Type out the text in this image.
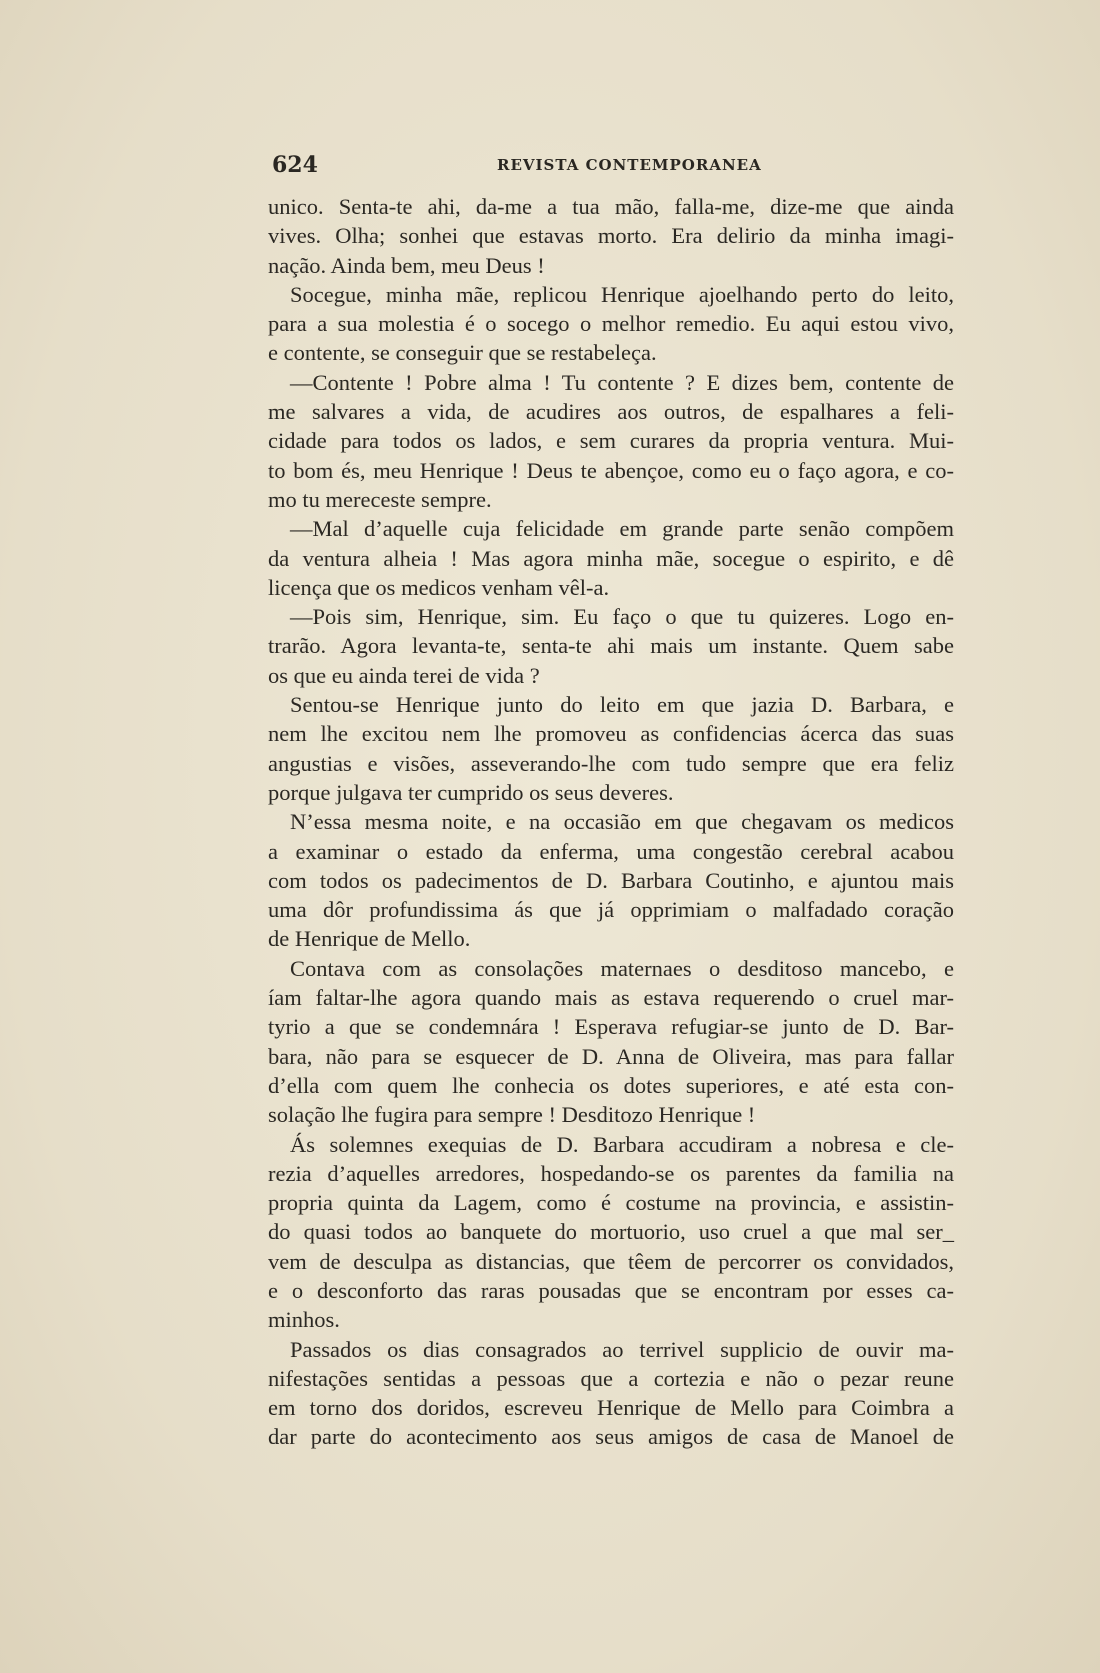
624	REVISTA CONTEMPORANEA
unico. Senta-te ahi, da-me a tua mão, falla-me, dize-me que ainda
vives. Olha; sonhei que estavas morto. Era delirio da minha imagi-
nação. Ainda bem, meu Deus !
Socegue, minha mãe, replicou Henrique ajoelhando perto do leito,
para a sua molestia é o socego o melhor remedio. Eu aqui estou vivo,
e contente, se conseguir que se restabeleça.
—Contente ! Pobre alma ! Tu contente ? E dizes bem, contente de
me salvares a vida, de acudires aos outros, de espalhares a feli-
cidade para todos os lados, e sem curares da propria ventura. Mui-
to bom és, meu Henrique ! Deus te abençoe, como eu o faço agora, e co-
mo tu mereceste sempre.
—Mal d’aquelle cuja felicidade em grande parte senão compõem
da ventura alheia ! Mas agora minha mãe, socegue o espirito, e dê
licença que os medicos venham vêl-a.
—Pois sim, Henrique, sim. Eu faço o que tu quizeres. Logo en-
trarão. Agora levanta-te, senta-te ahi mais um instante. Quem sabe
os que eu ainda terei de vida ?
Sentou-se Henrique junto do leito em que jazia D. Barbara, e
nem lhe excitou nem lhe promoveu as confidencias ácerca das suas
angustias e visões, asseverando-lhe com tudo sempre que era feliz
porque julgava ter cumprido os seus deveres.
N’essa mesma noite, e na occasião em que chegavam os medicos
a examinar o estado da enferma, uma congestão cerebral acabou
com todos os padecimentos de D. Barbara Coutinho, e ajuntou mais
uma dôr profundissima ás que já opprimiam o malfadado coração
de Henrique de Mello.
Contava com as consolações maternaes o desditoso mancebo, e
íam faltar-lhe agora quando mais as estava requerendo o cruel mar-
tyrio a que se condemnára ! Esperava refugiar-se junto de D. Bar-
bara, não para se esquecer de D. Anna de Oliveira, mas para fallar
d’ella com quem lhe conhecia os dotes superiores, e até esta con-
solação lhe fugira para sempre ! Desditozo Henrique !
Ás solemnes exequias de D. Barbara accudiram a nobresa e cle-
rezia d’aquelles arredores, hospedando-se os parentes da familia na
propria quinta da Lagem, como é costume na provincia, e assistin-
do quasi todos ao banquete do mortuorio, uso cruel a que mal ser_
vem de desculpa as distancias, que têem de percorrer os convidados,
e o desconforto das raras pousadas que se encontram por esses ca-
minhos.
Passados os dias consagrados ao terrivel supplicio de ouvir ma-
nifestações sentidas a pessoas que a cortezia e não o pezar reune
em torno dos doridos, escreveu Henrique de Mello para Coimbra a
dar parte do acontecimento aos seus amigos de casa de Manoel de
